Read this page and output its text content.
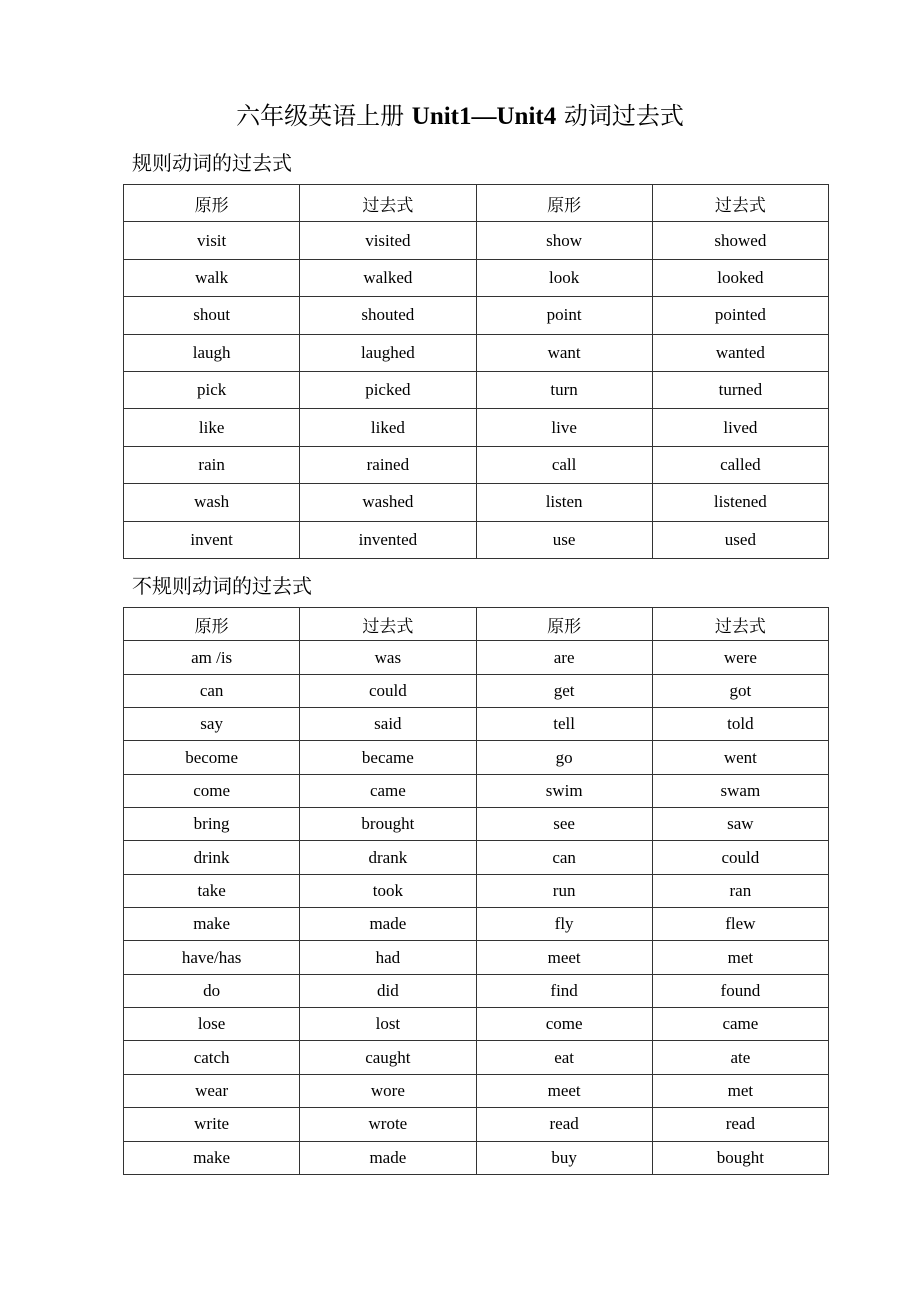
六年级英语上册 Unit1—Unit4 动词过去式
规则动词的过去式
原形	过去式	原形	过去式
visit	visited	show	showed
walk	walked	look	looked
shout	shouted	point	pointed
laugh	laughed	want	wanted
pick	picked	turn	turned
like	liked	live	lived
rain	rained	call	called
wash	washed	listen	listened
invent	invented	use	used
不规则动词的过去式
原形	过去式	原形	过去式
am /is	was	are	were
can	could	get	got
say	said	tell	told
become	became	go	went
come	came	swim	swam
bring	brought	see	saw
drink	drank	can	could
take	took	run	ran
make	made	fly	flew
have/has	had	meet	met
do	did	find	found
lose	lost	come	came
catch	caught	eat	ate
wear	wore	meet	met
write	wrote	read	read
make	made	buy	bought
